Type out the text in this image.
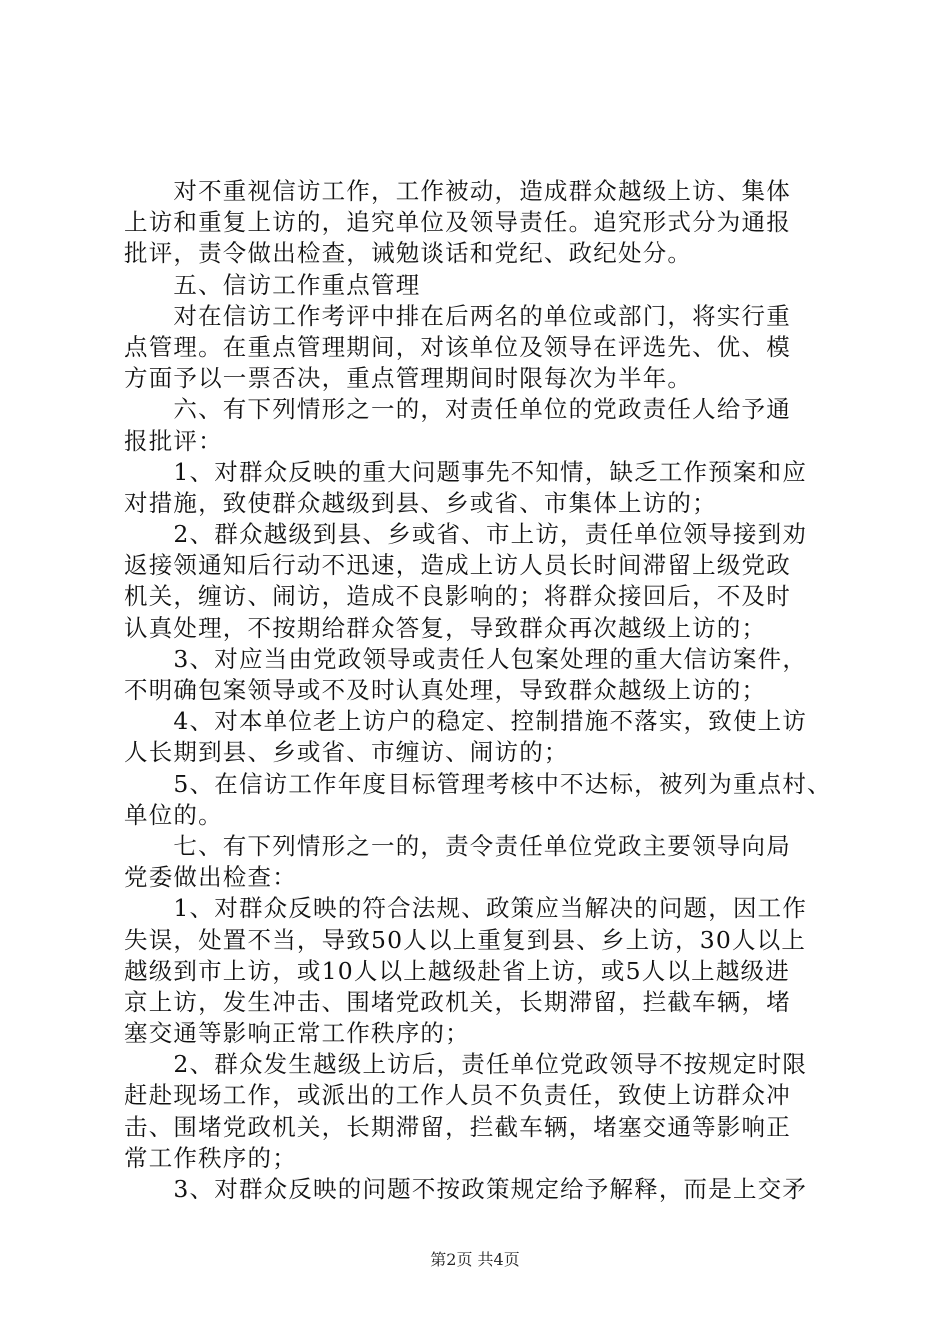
　　对不重视信访工作，工作被动，造成群众越级上访、集体
上访和重复上访的，追究单位及领导责任。追究形式分为通报
批评，责令做出检查，诫勉谈话和党纪、政纪处分。
　　五、信访工作重点管理
　　对在信访工作考评中排在后两名的单位或部门，将实行重
点管理。在重点管理期间，对该单位及领导在评选先、优、模
方面予以一票否决，重点管理期间时限每次为半年。
　　六、有下列情形之一的，对责任单位的党政责任人给予通
报批评：
　　1、对群众反映的重大问题事先不知情，缺乏工作预案和应
对措施，致使群众越级到县、乡或省、市集体上访的；
　　2、群众越级到县、乡或省、市上访，责任单位领导接到劝
返接领通知后行动不迅速，造成上访人员长时间滞留上级党政
机关，缠访、闹访，造成不良影响的；将群众接回后，不及时
认真处理，不按期给群众答复，导致群众再次越级上访的；
　　3、对应当由党政领导或责任人包案处理的重大信访案件，
不明确包案领导或不及时认真处理，导致群众越级上访的；
　　4、对本单位老上访户的稳定、控制措施不落实，致使上访
人长期到县、乡或省、市缠访、闹访的；
　　5、在信访工作年度目标管理考核中不达标，被列为重点村、
单位的。
　　七、有下列情形之一的，责令责任单位党政主要领导向局
党委做出检查：
　　1、对群众反映的符合法规、政策应当解决的问题，因工作
失误，处置不当，导致50人以上重复到县、乡上访，30人以上
越级到市上访，或10人以上越级赴省上访，或5人以上越级进
京上访，发生冲击、围堵党政机关，长期滞留，拦截车辆，堵
塞交通等影响正常工作秩序的；
　　2、群众发生越级上访后，责任单位党政领导不按规定时限
赶赴现场工作，或派出的工作人员不负责任，致使上访群众冲
击、围堵党政机关，长期滞留，拦截车辆，堵塞交通等影响正
常工作秩序的；
　　3、对群众反映的问题不按政策规定给予解释，而是上交矛
第2页 共4页
